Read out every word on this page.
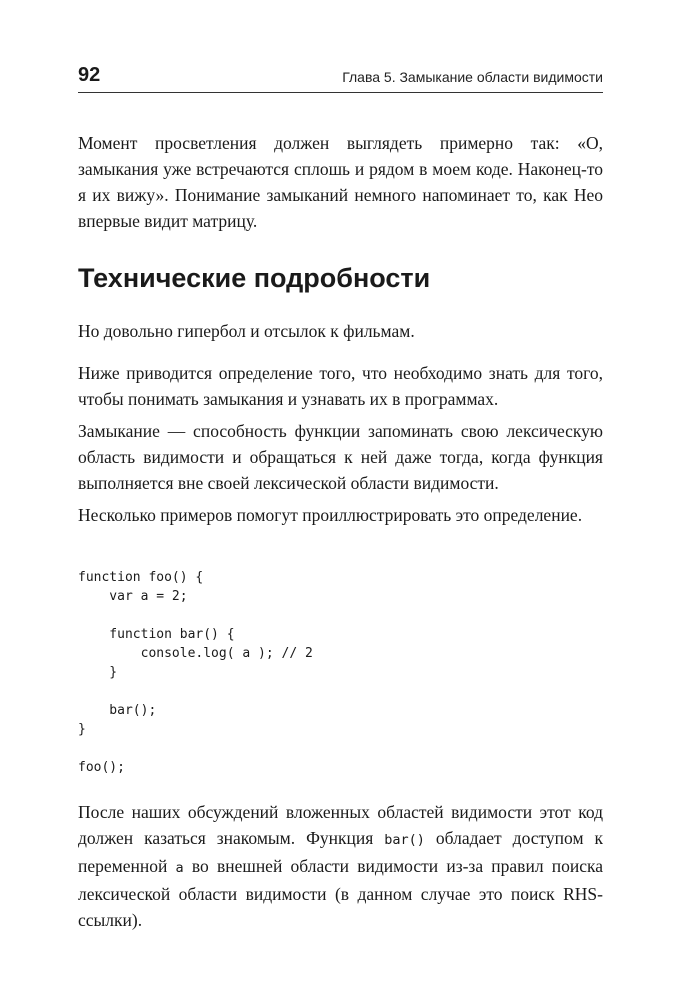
92	Глава 5. Замыкание области видимости

Момент просветления должен выглядеть примерно так: «О, замыкания уже встречаются сплошь и рядом в моем коде. Наконец-то я их вижу». Понимание замыканий немного напоминает то, как Нео впервые видит матрицу.

Технические подробности

Но довольно гипербол и отсылок к фильмам.

Ниже приводится определение того, что необходимо знать для того, чтобы понимать замыкания и узнавать их в программах.

Замыкание — способность функции запоминать свою лексическую область видимости и обращаться к ней даже тогда, когда функция выполняется вне своей лексической области видимости.

Несколько примеров помогут проиллюстрировать это определение.

function foo() {
var a = 2;

function bar() {
console.log( a ); // 2
}

bar();
}

foo();

После наших обсуждений вложенных областей видимости этот код должен казаться знакомым. Функция bar() обладает доступом к переменной a во внешней области видимости из-за правил поиска лексической области видимости (в данном случае это поиск RHS-ссылки).
